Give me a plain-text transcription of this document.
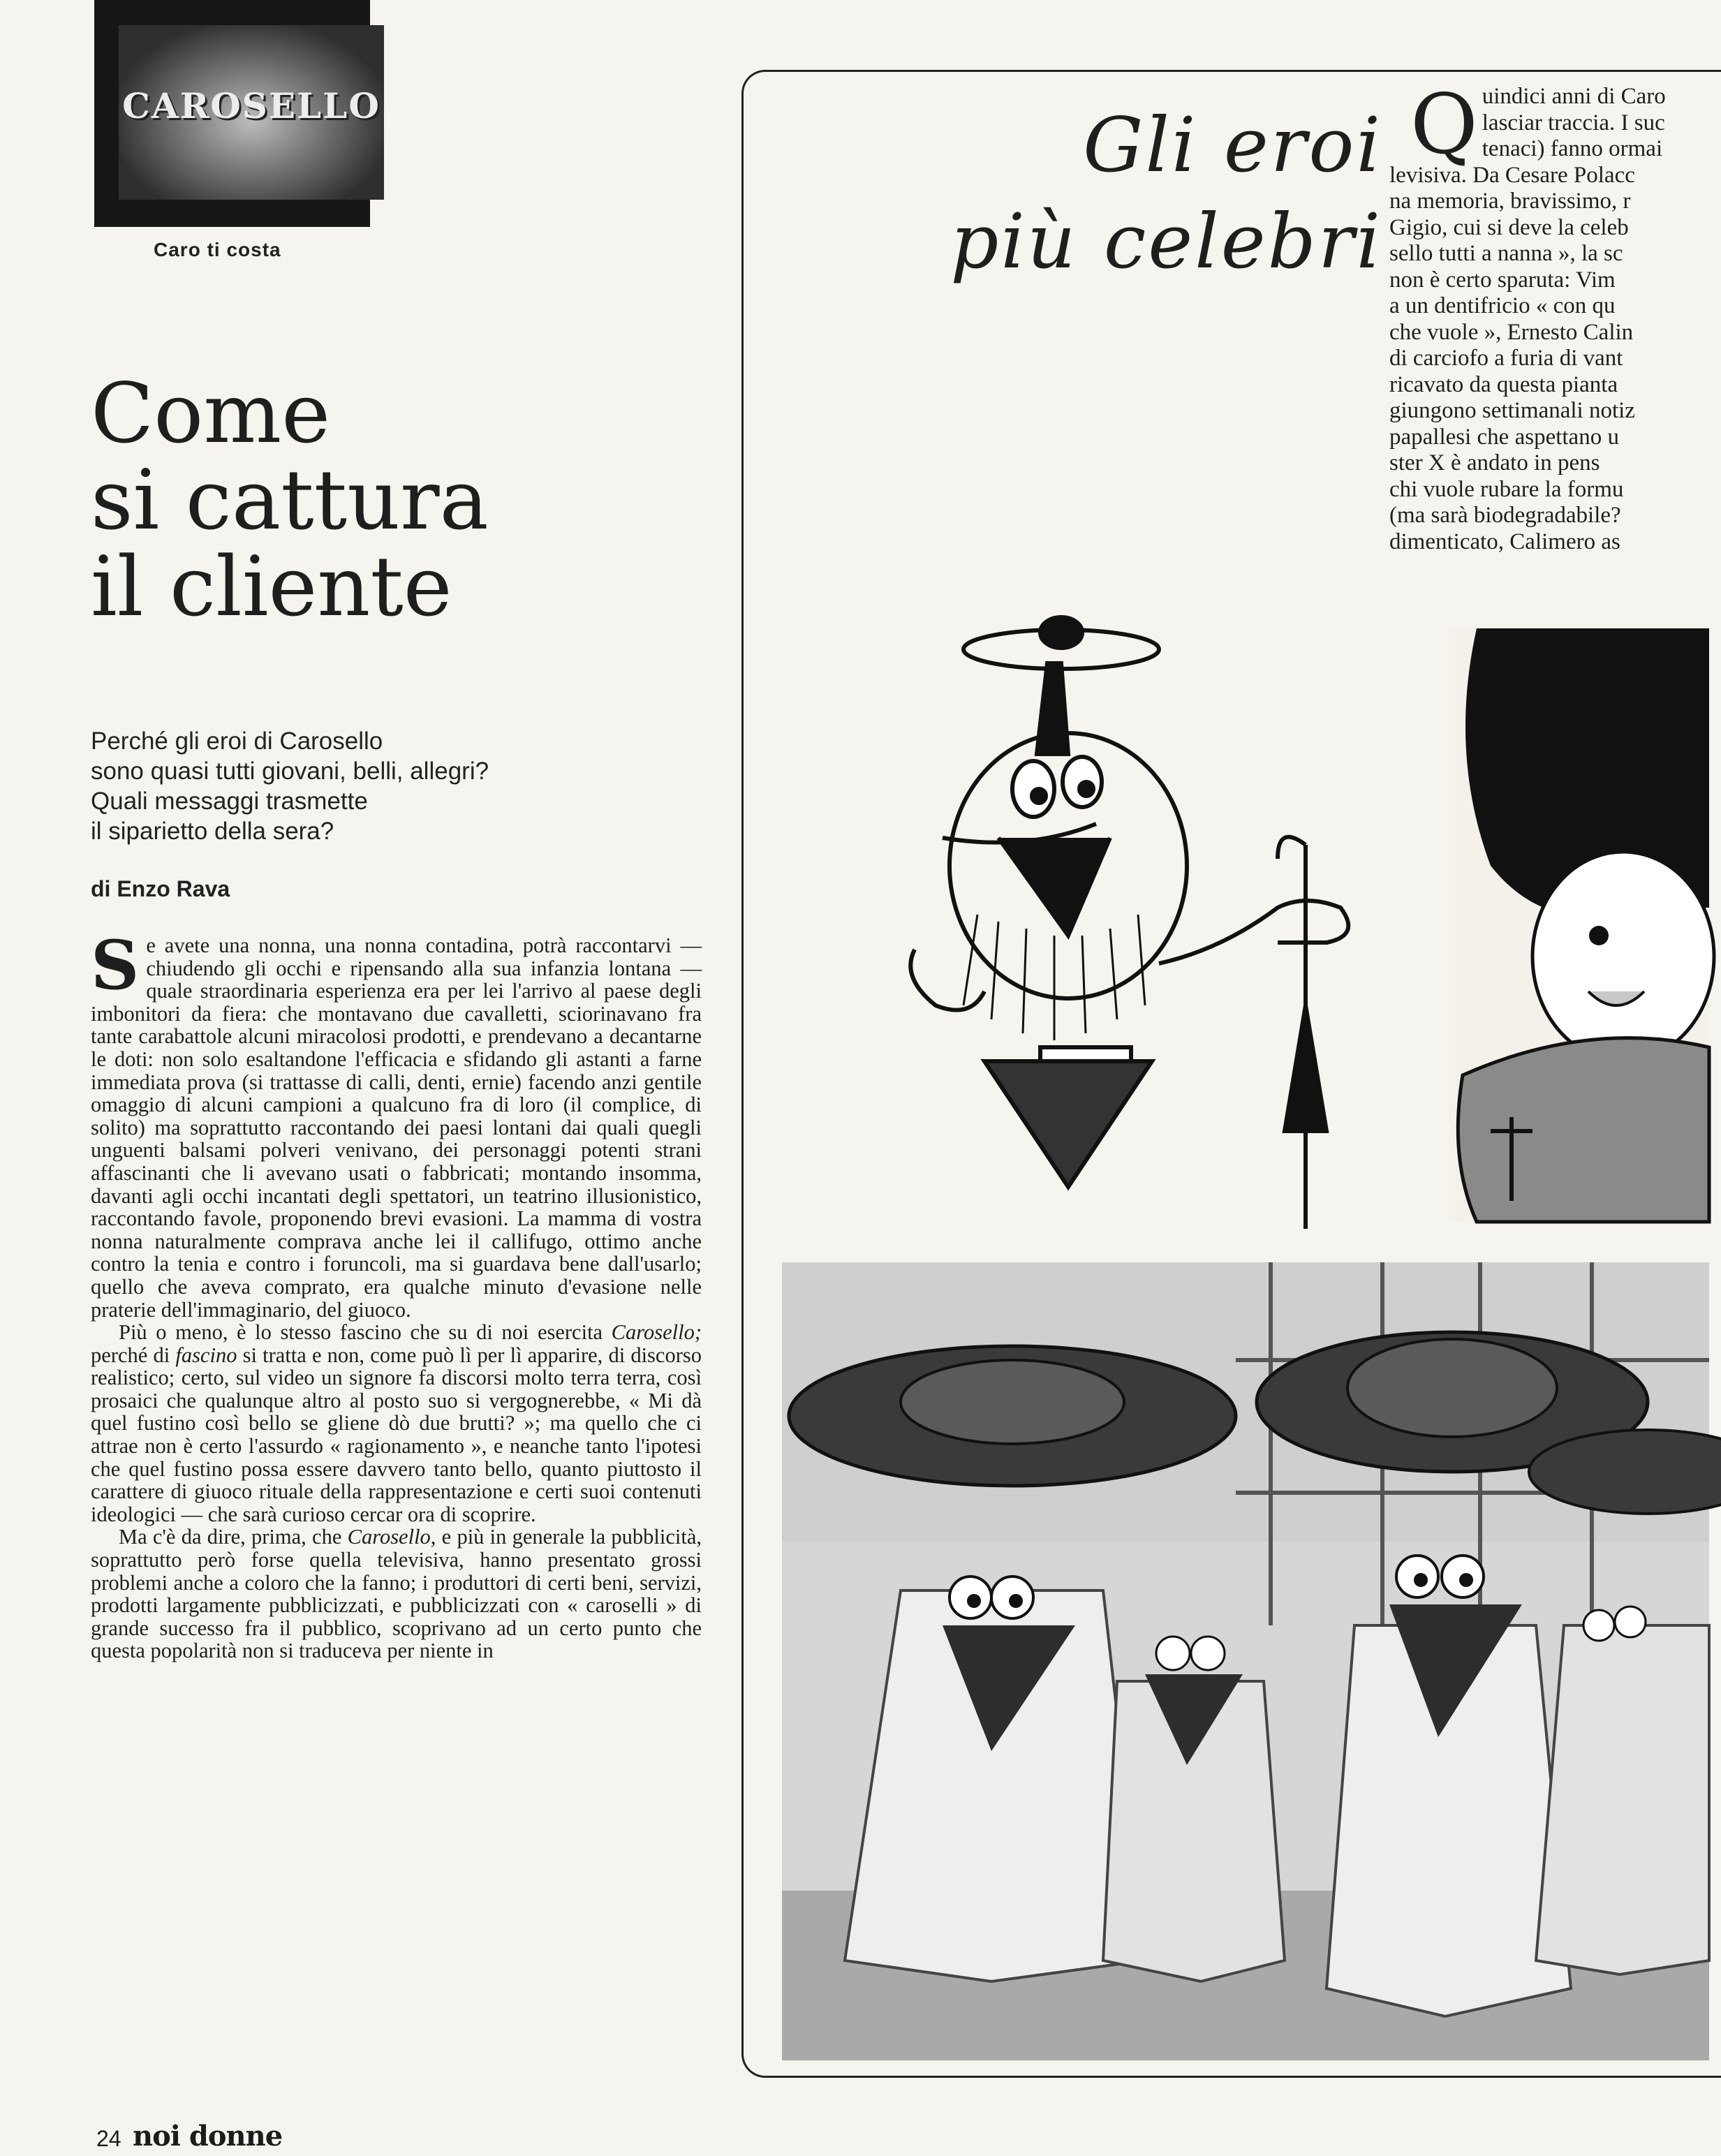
CAROSELLO
Caro ti costa
Come
si cattura
il cliente
Perché gli eroi di Carosello
sono quasi tutti giovani, belli, allegri?
Quali messaggi trasmette
il siparietto della sera?
di Enzo Rava

Se avete una nonna, una nonna contadina, potrà raccontarvi — chiudendo gli occhi e ripensando alla sua infanzia lontana — quale straordinaria esperienza era per lei l'arrivo al paese degli imbonitori da fiera: che montavano due cavalletti, sciorinavano fra tante carabattole alcuni miracolosi prodotti, e prendevano a decantarne le doti: non solo esaltandone l'efficacia e sfidando gli astanti a farne immediata prova (si trattasse di calli, denti, ernie) facendo anzi gentile omaggio di alcuni campioni a qualcuno fra di loro (il complice, di solito) ma soprattutto raccontando dei paesi lontani dai quali quegli unguenti balsami polveri venivano, dei personaggi potenti strani affascinanti che li avevano usati o fabbricati; montando insomma, davanti agli occhi incantati degli spettatori, un teatrino illusionistico, raccontando favole, proponendo brevi evasioni. La mamma di vostra nonna naturalmente comprava anche lei il callifugo, ottimo anche contro la tenia e contro i foruncoli, ma si guardava bene dall'usarlo; quello che aveva comprato, era qualche minuto d'evasione nelle praterie dell'immaginario, del giuoco.

Più o meno, è lo stesso fascino che su di noi esercita Carosello; perché di fascino si tratta e non, come può lì per lì apparire, di discorso realistico; certo, sul video un signore fa discorsi molto terra terra, così prosaici che qualunque altro al posto suo si vergognerebbe, « Mi dà quel fustino così bello se gliene dò due brutti? »; ma quello che ci attrae non è certo l'assurdo « ragionamento », e neanche tanto l'ipotesi che quel fustino possa essere davvero tanto bello, quanto piuttosto il carattere di giuoco rituale della rappresentazione e certi suoi contenuti ideologici — che sarà curioso cercar ora di scoprire.

Ma c'è da dire, prima, che Carosello, e più in generale la pubblicità, soprattutto però forse quella televisiva, hanno presentato grossi problemi anche a coloro che la fanno; i produttori di certi beni, servizi, prodotti largamente pubblicizzati, e pubblicizzati con « caroselli » di grande successo fra il pubblico, scoprivano ad un certo punto che questa popolarità non si traduceva per niente in

24 noi donne
Gli eroi
più celebri
Q uindici anni di Caro
lasciar traccia. I suc
tenaci) fanno ormai
levisiva. Da Cesare Polacc
na memoria, bravissimo, r
Gigio, cui si deve la celeb
sello tutti a nanna », la sc
non è certo sparuta: Vim
a un dentifricio « con qu
che vuole », Ernesto Calin
di carciofo a furia di vant
ricavato da questa pianta
giungono settimanali notiz
papallesi che aspettano u
ster X è andato in pens
chi vuole rubare la formu
(ma sarà biodegradabile?
dimenticato, Calimero as
